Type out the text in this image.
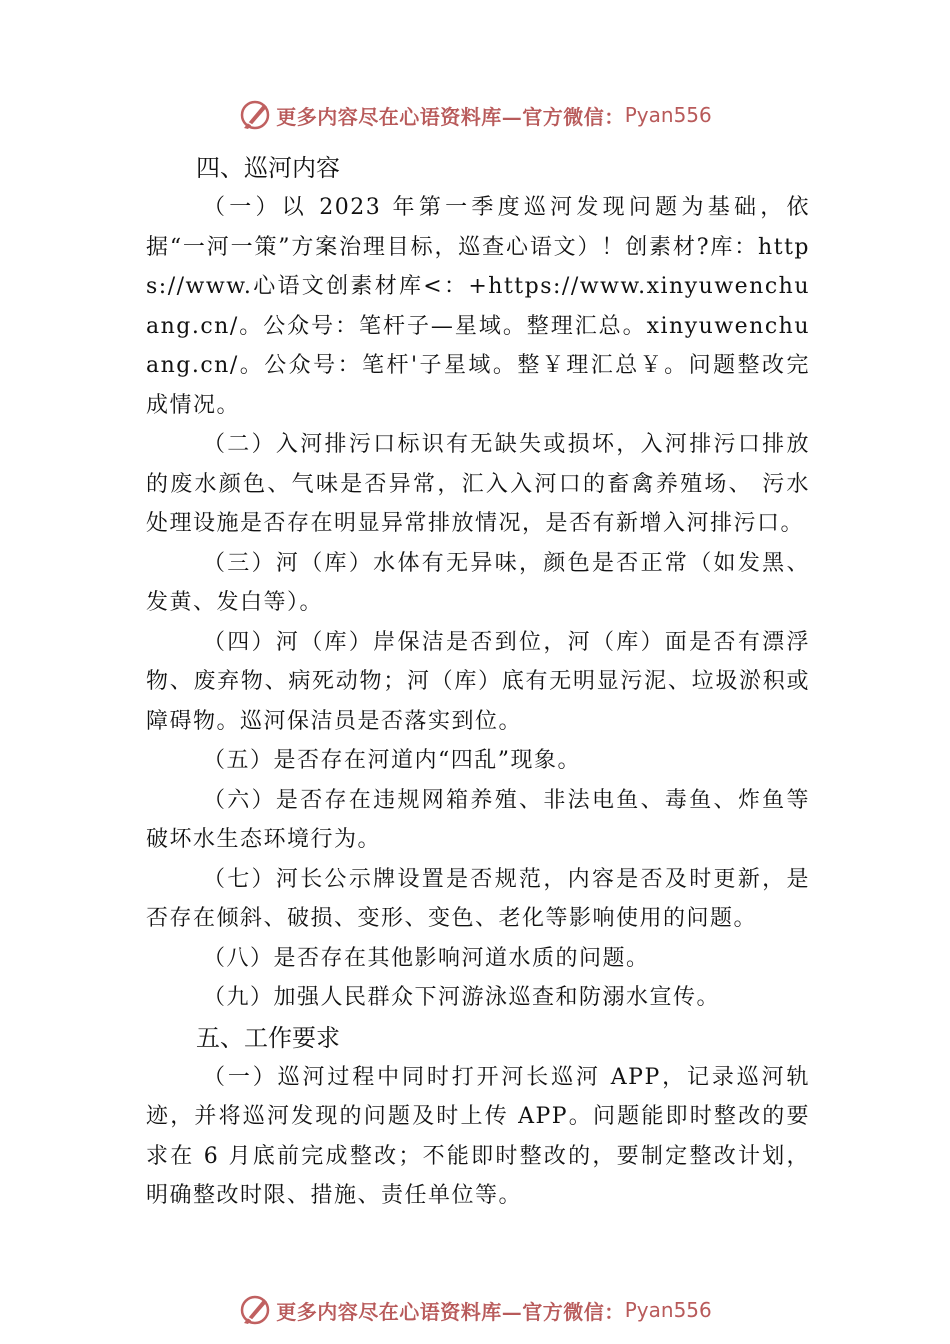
更多内容尽在心语资料库—官方微信： Pyan556
四、巡河内容

（一）以 2023 年第一季度巡河发现问题为基础，依据“一河一策”方案治理目标，巡查心语文）！创素材?库：https://www.心语文创素材库<：+https://www.xinyuwenchuang.cn/。公众号：笔杆子—星域。整理汇总。xinyuwenchuang.cn/。公众号：笔杆'子星域。整￥理汇总￥。问题整改完成情况。

（二）入河排污口标识有无缺失或损坏，入河排污口排放的废水颜色、气味是否异常，汇入入河口的畜禽养殖场、 污水处理设施是否存在明显异常排放情况，是否有新增入河排污口。

（三）河（库）水体有无异味，颜色是否正常（如发黑、发黄、发白等）。

（四）河（库）岸保洁是否到位，河（库）面是否有漂浮物、废弃物、病死动物；河（库）底有无明显污泥、垃圾淤积或障碍物。巡河保洁员是否落实到位。

（五）是否存在河道内“四乱”现象。

（六）是否存在违规网箱养殖、非法电鱼、毒鱼、炸鱼等破坏水生态环境行为。

（七）河长公示牌设置是否规范，内容是否及时更新，是否存在倾斜、破损、变形、变色、老化等影响使用的问题。

（八）是否存在其他影响河道水质的问题。

（九）加强人民群众下河游泳巡查和防溺水宣传。

五、工作要求

（一）巡河过程中同时打开河长巡河 APP，记录巡河轨迹，并将巡河发现的问题及时上传 APP。问题能即时整改的要求在 6 月底前完成整改；不能即时整改的，要制定整改计划，明确整改时限、措施、责任单位等。

更多内容尽在心语资料库—官方微信： Pyan556
